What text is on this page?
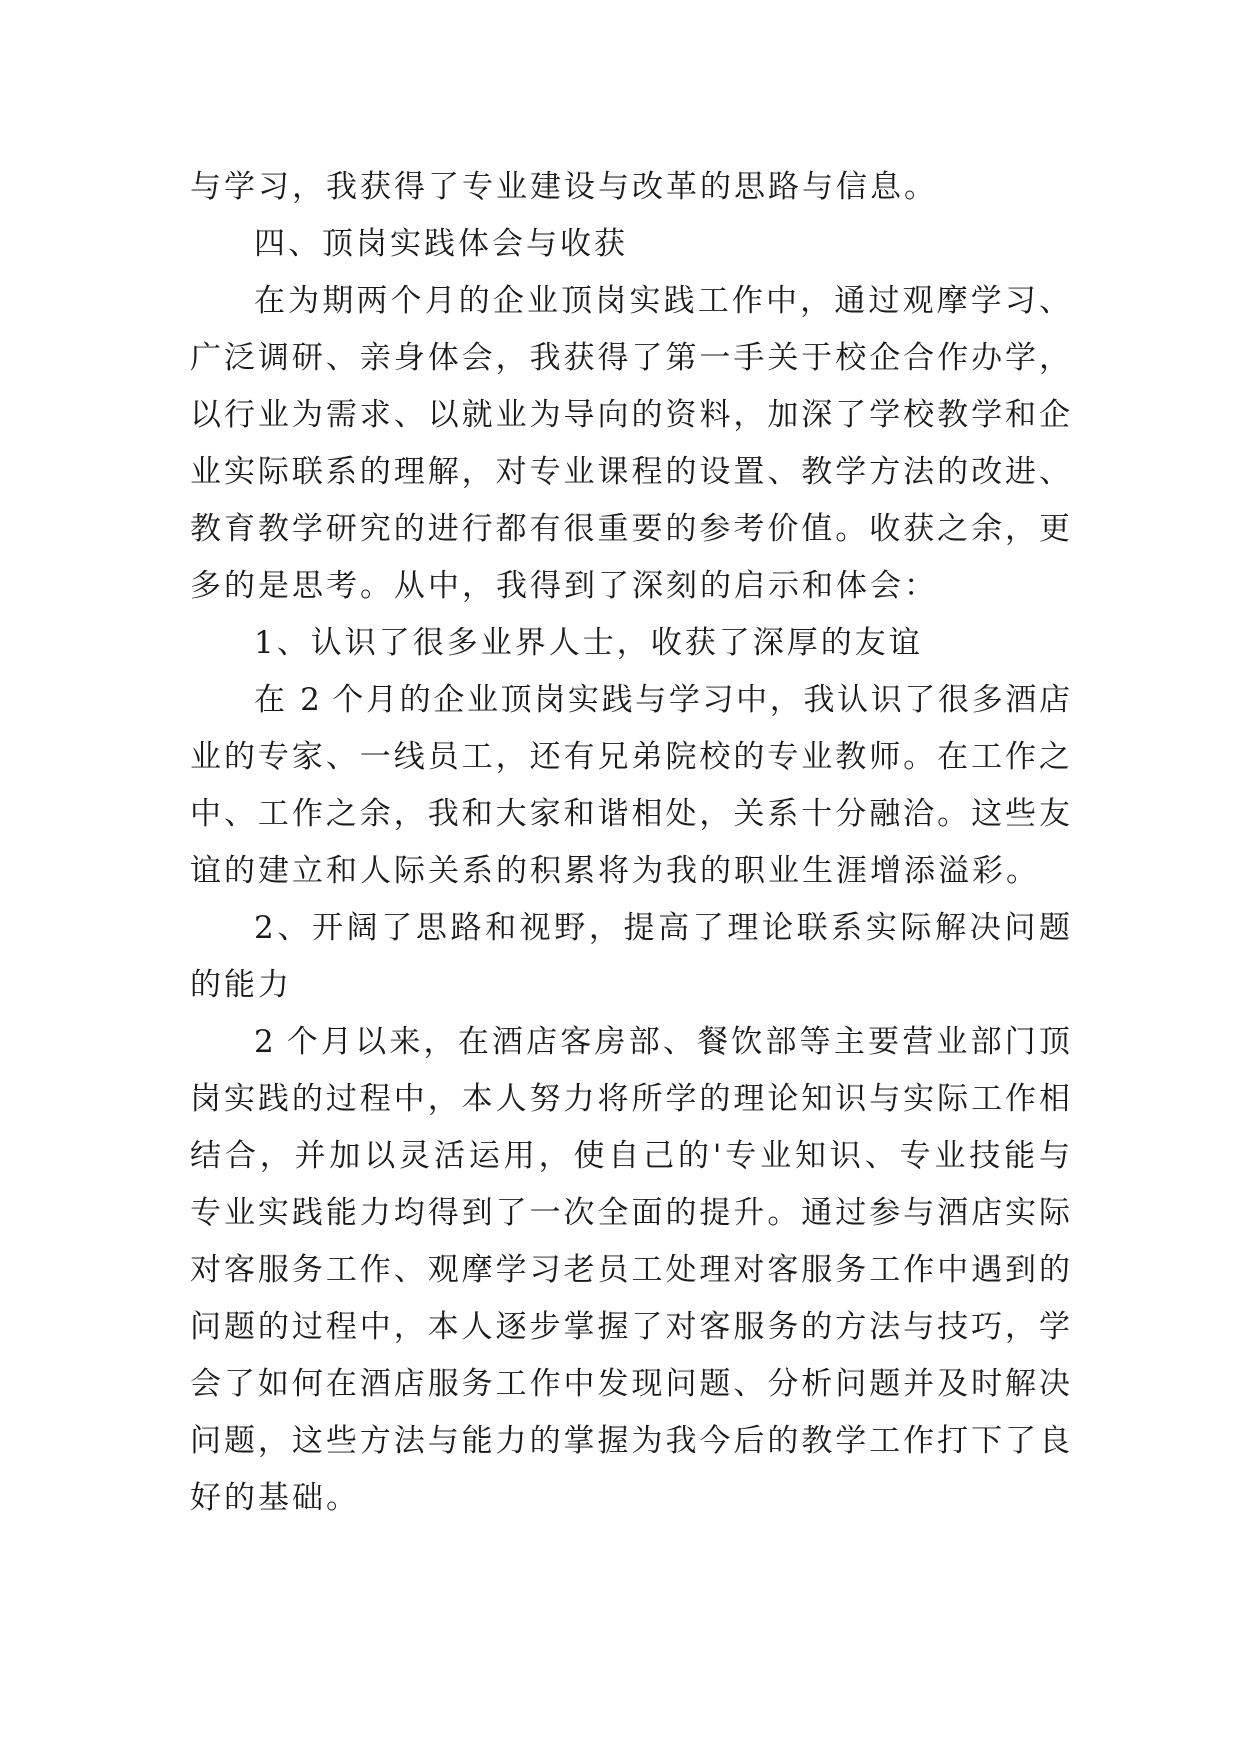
与学习，我获得了专业建设与改革的思路与信息。
四、顶岗实践体会与收获
在为期两个月的企业顶岗实践工作中，通过观摩学习、
广泛调研、亲身体会，我获得了第一手关于校企合作办学，
以行业为需求、以就业为导向的资料，加深了学校教学和企
业实际联系的理解，对专业课程的设置、教学方法的改进、
教育教学研究的进行都有很重要的参考价值。收获之余，更
多的是思考。从中，我得到了深刻的启示和体会：
1、认识了很多业界人士，收获了深厚的友谊
在 2 个月的企业顶岗实践与学习中，我认识了很多酒店
业的专家、一线员工，还有兄弟院校的专业教师。在工作之
中、工作之余，我和大家和谐相处，关系十分融洽。这些友
谊的建立和人际关系的积累将为我的职业生涯增添溢彩。
2、开阔了思路和视野，提高了理论联系实际解决问题
的能力
2 个月以来，在酒店客房部、餐饮部等主要营业部门顶
岗实践的过程中，本人努力将所学的理论知识与实际工作相
结合，并加以灵活运用，使自己的'专业知识、专业技能与
专业实践能力均得到了一次全面的提升。通过参与酒店实际
对客服务工作、观摩学习老员工处理对客服务工作中遇到的
问题的过程中，本人逐步掌握了对客服务的方法与技巧，学
会了如何在酒店服务工作中发现问题、分析问题并及时解决
问题，这些方法与能力的掌握为我今后的教学工作打下了良
好的基础。
